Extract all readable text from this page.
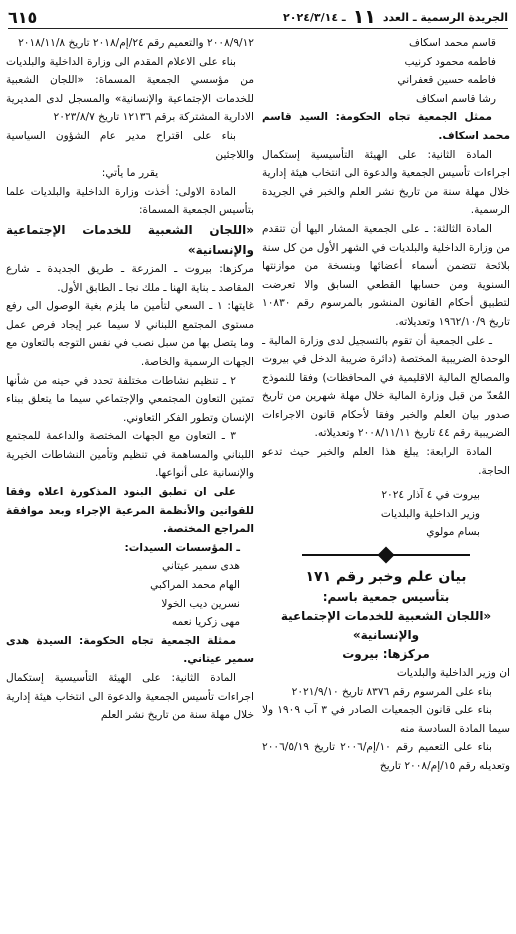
الجريدة الرسمية ـ العدد
١١
ـ ٢٠٢٤/٣/١٤
٦١٥

قاسم محمد اسكاف

فاطمه محمود كرنيب

فاطمه حسين قعفراني

رشا قاسم اسكاف

ممثل الجمعية تجاه الحكومة: السيد قاسم محمد اسكاف.

المادة الثانية: على الهيئة التأسيسية إستكمال اجراءات تأسيس الجمعية والدعوة الى انتخاب هيئة إدارية خلال مهلة سنة من تاريخ نشر العلم والخبر في الجريدة الرسمية.

المادة الثالثة: ـ على الجمعية المشار اليها أن تتقدم من وزارة الداخلية والبلديات في الشهر الأول من كل سنة بلائحة تتضمن أسماء أعضائها وبنسخة من موازنتها السنوية ومن حسابها القطعي السابق والا تعرضت لتطبيق أحكام القانون المنشور بالمرسوم رقم ١٠٨٣٠ تاريخ ١٩٦٢/١٠/٩ وتعديلاته.

ـ على الجمعية أن تقوم بالتسجيل لدى وزارة المالية ـ الوحدة الضريبية المختصة (دائرة ضريبة الدخل في بيروت والمصالح المالية الاقليمية في المحافظات) وفقا للنموذج المُعدّ من قبل وزارة المالية خلال مهلة شهرين من تاريخ صدور بيان العلم والخبر وفقا لأحكام قانون الاجراءات الضريبية رقم ٤٤ تاريخ ٢٠٠٨/١١/١١ وتعديلاته.

المادة الرابعة: يبلغ هذا العلم والخبر حيث تدعو الحاجة.

بيروت في ٤ آذار ٢٠٢٤

وزير الداخلية والبلديات

بسام مولوي

بيان علم وخبر رقم ١٧١
بتأسيس جمعية باسم:
«اللجان الشعبية للخدمات الإجتماعية والإنسانية»
مركزها: بيروت

ان وزير الداخلية والبلديات

بناء على المرسوم رقم ٨٣٧٦ تاريخ ٢٠٢١/٩/١٠

بناء على قانون الجمعيات الصادر في ٣ آب ١٩٠٩ ولا سيما المادة السادسة منه

بناء على التعميم رقم ١٠/إم/٢٠٠٦ تاريخ ٢٠٠٦/٥/١٩ وتعديله رقم ١٥/إم/٢٠٠٨ تاريخ

٢٠٠٨/٩/١٢ والتعميم رقم ٢٤/إم/٢٠١٨ تاريخ ٢٠١٨/١١/٨

بناء على الاعلام المقدم الى وزارة الداخلية والبلديات من مؤسسي الجمعية المسماة: «اللجان الشعبية للخدمات الإجتماعية والإنسانية» والمسجل لدى المديرية الادارية المشتركة برقم ١٢١٣٦ تاريخ ٢٠٢٣/٨/٧

بناء على اقتراح مدير عام الشؤون السياسية واللاجئين

يقرر ما يأتي:

المادة الاولى: أخذت وزارة الداخلية والبلديات علما بتأسيس الجمعية المسماة:

«اللجان الشعبية للخدمات الإجتماعية والإنسانية»

مركزها: بيروت ـ المزرعة ـ طريق الجديدة ـ شارع المقاصد ـ بناية الهنا ـ ملك نجا ـ الطابق الأول.

غايتها: ١ ـ السعي لتأمين ما يلزم بغية الوصول الى رفع مستوى المجتمع اللبناني لا سيما عبر إيجاد فرص عمل وما يتصل بها من سبل نصب في نفس التوجه بالتعاون مع الجهات الرسمية والخاصة.

٢ ـ تنظيم نشاطات مختلفة تحدد في حينه من شأنها تمتين التعاون المجتمعي والإجتماعي سيما ما يتعلق ببناء الإنسان وتطور الفكر التعاوني.

٣ ـ التعاون مع الجهات المختصة والداعمة للمجتمع اللبناني والمساهمة في تنظيم وتأمين النشاطات الخيرية والإنسانية على أنواعها.

على ان تطبق البنود المذكورة اعلاه وفقا للقوانين والأنظمة المرعية الإجراء وبعد موافقة المراجع المختصة.

ـ المؤسسات السيدات:

هدى سمير عيتاني

الهام محمد المراكبي

نسرين ديب الخولا

مهى زكريا نعمه

ممثلة الجمعية تجاه الحكومة: السيدة هدى سمير عيتاني.

المادة الثانية: على الهيئة التأسيسية إستكمال اجراءات تأسيس الجمعية والدعوة الى انتخاب هيئة إدارية خلال مهلة سنة من تاريخ نشر العلم
